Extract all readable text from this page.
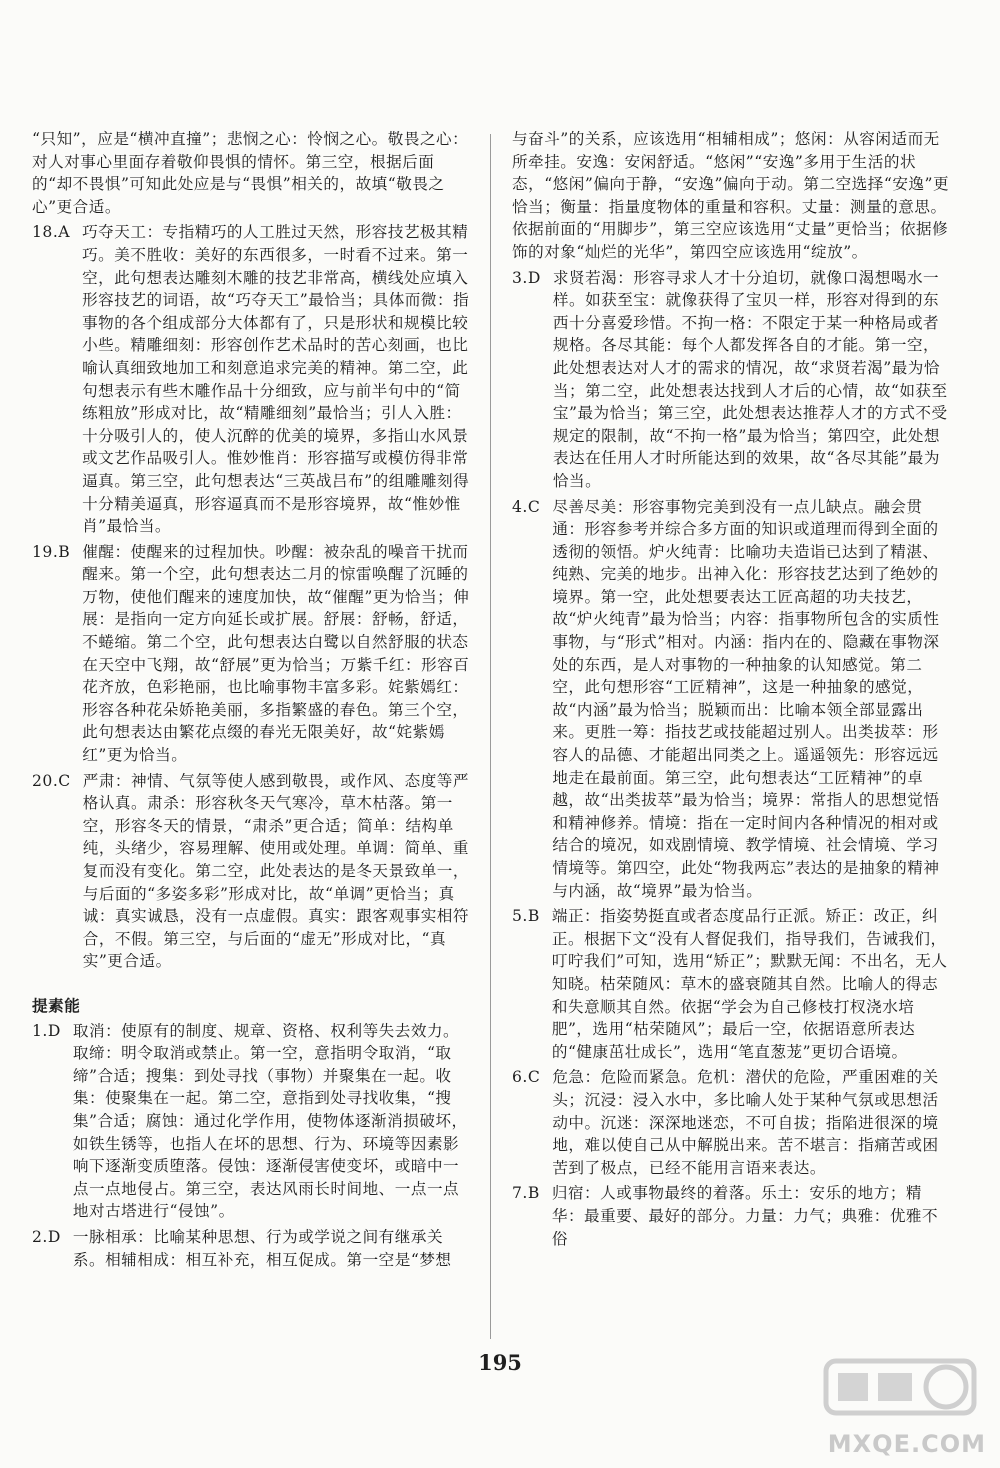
“只知”，应是“横冲直撞”；悲悯之心：怜悯之心。敬畏之心：对人对事心里面存着敬仰畏惧的情怀。第三空，根据后面的“却不畏惧”可知此处应是与“畏惧”相关的，故填“敬畏之心”更合适。

18.A 巧夺天工：专指精巧的人工胜过天然，形容技艺极其精巧。美不胜收：美好的东西很多，一时看不过来。第一空，此句想表达雕刻木雕的技艺非常高，横线处应填入形容技艺的词语，故“巧夺天工”最恰当；具体而微：指事物的各个组成部分大体都有了，只是形状和规模比较小些。精雕细刻：形容创作艺术品时的苦心刻画，也比喻认真细致地加工和刻意追求完美的精神。第二空，此句想表示有些木雕作品十分细致，应与前半句中的“简练粗放”形成对比，故“精雕细刻”最恰当；引人入胜：十分吸引人的，使人沉醉的优美的境界，多指山水风景或文艺作品吸引人。惟妙惟肖：形容描写或模仿得非常逼真。第三空，此句想表达“三英战吕布”的组雕雕刻得十分精美逼真，形容逼真而不是形容境界，故“惟妙惟肖”最恰当。

19.B 催醒：使醒来的过程加快。吵醒：被杂乱的噪音干扰而醒来。第一个空，此句想表达二月的惊雷唤醒了沉睡的万物，使他们醒来的速度加快，故“催醒”更为恰当；伸展：是指向一定方向延长或扩展。舒展：舒畅，舒适，不蜷缩。第二个空，此句想表达白鹭以自然舒服的状态在天空中飞翔，故“舒展”更为恰当；万紫千红：形容百花齐放，色彩艳丽，也比喻事物丰富多彩。姹紫嫣红：形容各种花朵娇艳美丽，多指繁盛的春色。第三个空，此句想表达由繁花点缀的春光无限美好，故“姹紫嫣红”更为恰当。

20.C 严肃：神情、气氛等使人感到敬畏，或作风、态度等严格认真。肃杀：形容秋冬天气寒冷，草木枯落。第一空，形容冬天的情景，“肃杀”更合适；简单：结构单纯，头绪少，容易理解、使用或处理。单调：简单、重复而没有变化。第二空，此处表达的是冬天景致单一，与后面的“多姿多彩”形成对比，故“单调”更恰当；真诚：真实诚恳，没有一点虚假。真实：跟客观事实相符合，不假。第三空，与后面的“虚无”形成对比，“真实”更合适。

提素能
1.D 取消：使原有的制度、规章、资格、权利等失去效力。取缔：明令取消或禁止。第一空，意指明令取消，“取缔”合适；搜集：到处寻找（事物）并聚集在一起。收集：使聚集在一起。第二空，意指到处寻找收集，“搜集”合适；腐蚀：通过化学作用，使物体逐渐消损破坏，如铁生锈等，也指人在坏的思想、行为、环境等因素影响下逐渐变质堕落。侵蚀：逐渐侵害使变坏，或暗中一点一点地侵占。第三空，表达风雨长时间地、一点一点地对古塔进行“侵蚀”。

2.D 一脉相承：比喻某种思想、行为或学说之间有继承关系。相辅相成：相互补充，相互促成。第一空是“梦想

与奋斗”的关系，应该选用“相辅相成”；悠闲：从容闲适而无所牵挂。安逸：安闲舒适。“悠闲”“安逸”多用于生活的状态，“悠闲”偏向于静，“安逸”偏向于动。第二空选择“安逸”更恰当；衡量：指量度物体的重量和容积。丈量：测量的意思。依据前面的“用脚步”，第三空应该选用“丈量”更恰当；依据修饰的对象“灿烂的光华”，第四空应该选用“绽放”。

3.D 求贤若渴：形容寻求人才十分迫切，就像口渴想喝水一样。如获至宝：就像获得了宝贝一样，形容对得到的东西十分喜爱珍惜。不拘一格：不限定于某一种格局或者规格。各尽其能：每个人都发挥各自的才能。第一空，此处想表达对人才的需求的情况，故“求贤若渴”最为恰当；第二空，此处想表达找到人才后的心情，故“如获至宝”最为恰当；第三空，此处想表达推荐人才的方式不受规定的限制，故“不拘一格”最为恰当；第四空，此处想表达在任用人才时所能达到的效果，故“各尽其能”最为恰当。

4.C 尽善尽美：形容事物完美到没有一点儿缺点。融会贯通：形容参考并综合多方面的知识或道理而得到全面的透彻的领悟。炉火纯青：比喻功夫造诣已达到了精湛、纯熟、完美的地步。出神入化：形容技艺达到了绝妙的境界。第一空，此处想要表达工匠高超的功夫技艺，故“炉火纯青”最为恰当；内容：指事物所包含的实质性事物，与“形式”相对。内涵：指内在的、隐藏在事物深处的东西，是人对事物的一种抽象的认知感觉。第二空，此句想形容“工匠精神”，这是一种抽象的感觉，故“内涵”最为恰当；脱颖而出：比喻本领全部显露出来。更胜一筹：指技艺或技能超过别人。出类拔萃：形容人的品德、才能超出同类之上。遥遥领先：形容远远地走在最前面。第三空，此句想表达“工匠精神”的卓越，故“出类拔萃”最为恰当；境界：常指人的思想觉悟和精神修养。情境：指在一定时间内各种情况的相对或结合的境况，如戏剧情境、教学情境、社会情境、学习情境等。第四空，此处“物我两忘”表达的是抽象的精神与内涵，故“境界”最为恰当。

5.B 端正：指姿势挺直或者态度品行正派。矫正：改正，纠正。根据下文“没有人督促我们，指导我们，告诫我们，叮咛我们”可知，选用“矫正”；默默无闻：不出名，无人知晓。枯荣随风：草木的盛衰随其自然。比喻人的得志和失意顺其自然。依据“学会为自己修枝打杈浇水培肥”，选用“枯荣随风”；最后一空，依据语意所表达的“健康茁壮成长”，选用“笔直葱茏”更切合语境。

6.C 危急：危险而紧急。危机：潜伏的危险，严重困难的关头；沉浸：浸入水中，多比喻人处于某种气氛或思想活动中。沉迷：深深地迷恋，不可自拔；指陷进很深的境地，难以使自己从中解脱出来。苦不堪言：指痛苦或困苦到了极点，已经不能用言语来表达。

7.B 归宿：人或事物最终的着落。乐土：安乐的地方；精华：最重要、最好的部分。力量：力气；典雅：优雅不俗

195
MXQE.COM
